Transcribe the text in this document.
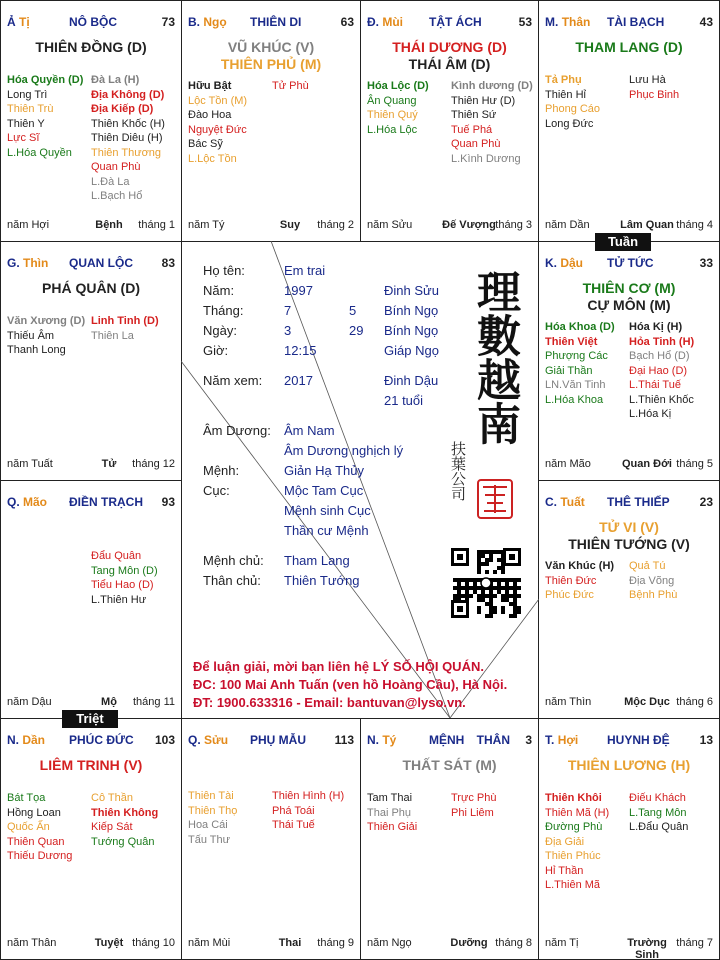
Ả Tị	NÔ BỘC	73
THIÊN ĐỒNG (D)
Hóa Quyền (D)
Long Trì
Thiên Trù
Thiên Y
Lực Sĩ
L.Hóa Quyền
Đà La (H)
Địa Không (D)
Địa Kiếp (D)
Thiên Khốc (H)
Thiên Diêu (H)
Thiên Thương
Quan Phù
L.Đà La
L.Bạch Hổ
năm Hợi	Bệnh	tháng 1
B. Ngọ THIÊN DI	63
VŨ KHÚC (V)
THIÊN PHỦ (M)
Hữu Bật
Lộc Tồn (M)
Đào Hoa
Nguyệt Đức
Bác Sỹ
L.Lộc Tồn
Tử Phù
năm Tý	Suy	tháng 2
Đ. Mùi TẬT ÁCH	53
THÁI DƯƠNG (D)
THÁI ÂM (D)
Hóa Lộc (D)
Ân Quang
Thiên Quý
L.Hóa Lộc
Kình dương (D)
Thiên Hư (D)
Thiên Sứ
Tuế Phá
Quan Phù
L.Kình Dương
năm Sửu	Đế Vượng tháng 3
M. Thân TÀI BẠCH	43
THAM LANG (D)
Tả Phụ
Thiên Hỉ
Phong Cáo
Long Đức
Lưu Hà
Phục Binh
năm Dần	Lâm Quan tháng 4
K. Dậu TỬ TỨC	33
THIÊN CƠ (M)
CỰ MÔN (M)
Hóa Khoa (D)
Thiên Việt
Phượng Các
Giải Thần
LN.Văn Tinh
L.Hóa Khoa
Hóa Kị (H)
Hỏa Tinh (H)
Bạch Hổ (D)
Đại Hao (D)
L.Thái Tuế
L.Thiên Khốc
L.Hóa Kị
năm Mão	Quan Đới tháng 5
C. Tuất THÊ THIẾP 23
TỬ VI (V)
THIÊN TƯỚNG (V)
Văn Khúc (H)
Thiên Đức
Phúc Đức
Quả Tú
Địa Võng
Bệnh Phù
năm Thìn	Mộc Dục tháng 6
T. Hợi HUYNH ĐỆ 13
THIÊN LƯƠNG (H)
Thiên Khôi
Thiên Mã (H)
Đường Phù
Địa Giải
Thiên Phúc
Hỉ Thần
L.Thiên Mã
Điếu Khách
L.Tang Môn
L.Đẩu Quân
năm Tị	Trường Sinh
tháng 7
N. Tý	MỆNH THÂN 3
THẤT SÁT (M)
Tam Thai
Thai Phụ
Thiên Giải
Trực Phù
Phi Liêm
năm Ngọ	Dưỡng tháng 8
Q. Sửu PHỤ MẪU 113
Thiên Tài
Thiên Thọ
Hoa Cái
Tấu Thư
Thiên Hình (H)
Phá Toái
Thái Tuế
năm Mùi	Thai	tháng 9
N. Dần PHÚC ĐỨC 103
LIÊM TRINH (V)
Bát Tọa
Hồng Loan
Quốc Ấn
Thiên Quan
Thiếu Dương
Cô Thần
Thiên Không
Kiếp Sát
Tướng Quân
năm Thân	Tuyệt tháng 10
Q. Mão ĐIỀN TRẠCH 93
Đẩu Quân
Tang Môn (D)
Tiểu Hao (D)
L.Thiên Hư
năm Dậu	Mộ	tháng 11
G. Thìn QUAN LỘC 83
PHÁ QUÂN (D)
Văn Xương (D)
Thiếu Âm
Thanh Long
Linh Tinh (D)
Thiên La
năm Tuất	Tử	tháng 12
Họ tên:	Em trai
Năm:	1997	Đinh Sửu
Tháng:	7	5 Bính Ngọ
Ngày:	3	29 Bính Ngọ
Giờ:	12:15	Giáp Ngọ
Năm xem: 2017	Đinh Dậu
21 tuổi
Âm Dương: Âm Nam
Âm Dương nghịch lý
Mệnh:	Giản Hạ Thủy
Cục:	Mộc Tam Cục
Mệnh sinh Cục
Thần cư Mệnh
Mệnh chủ: Tham Lang
Thân chủ: Thiên Tướng
理數越南
扶葉公司
Để luận giải, mời bạn liên hệ LÝ SỐ HỘI QUÁN.
ĐC: 100 Mai Anh Tuấn (ven hồ Hoàng Cầu), Hà Nội.
ĐT: 1900.633316 - Email: bantuvan@lyso.vn.
Tuần
Triệt
